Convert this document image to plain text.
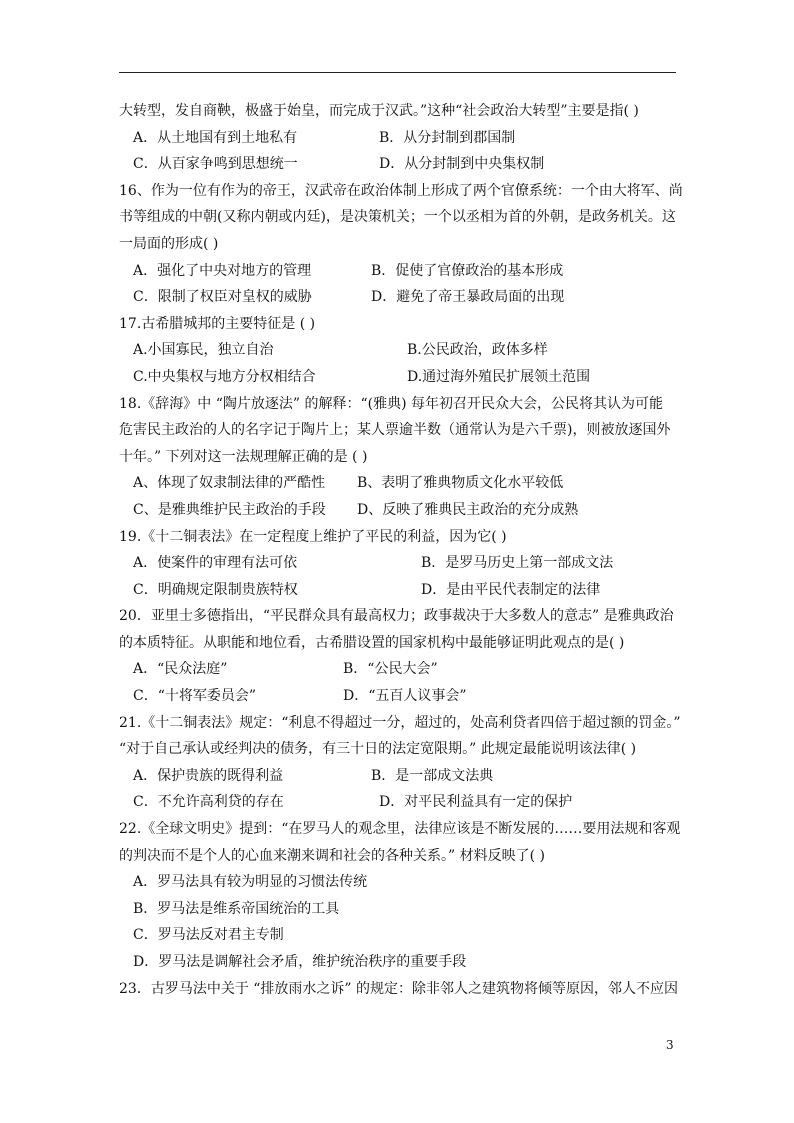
大转型，发自商鞅，极盛于始皇，而完成于汉武。”这种“社会政治大转型”主要是指( )
A．从土地国有到土地私有	B．从分封制到郡国制
C．从百家争鸣到思想统一	D．从分封制到中央集权制
16、作为一位有作为的帝王，汉武帝在政治体制上形成了两个官僚系统：一个由大将军、尚
书等组成的中朝(又称内朝或内廷)，是决策机关；一个以丞相为首的外朝，是政务机关。这
一局面的形成( )
A．强化了中央对地方的管理	B．促使了官僚政治的基本形成
C．限制了权臣对皇权的威胁	D．避免了帝王暴政局面的出现
17.古希腊城邦的主要特征是 ( )
A.小国寡民，独立自治	B.公民政治，政体多样
C.中央集权与地方分权相结合	D.通过海外殖民扩展领土范围
18.《辞海》中 “陶片放逐法” 的解释：“(雅典) 每年初召开民众大会，公民将其认为可能
危害民主政治的人的名字记于陶片上；某人票逾半数（通常认为是六千票)，则被放逐国外
十年。” 下列对这一法规理解正确的是 ( )
A、体现了奴隶制法律的严酷性 B、表明了雅典物质文化水平较低
C、是雅典维护民主政治的手段 D、反映了雅典民主政治的充分成熟
19.《十二铜表法》在一定程度上维护了平民的利益，因为它( )
A．使案件的审理有法可依	B．是罗马历史上第一部成文法
C．明确规定限制贵族特权	D．是由平民代表制定的法律
20．亚里士多德指出，“平民群众具有最高权力；政事裁决于大多数人的意志” 是雅典政治
的本质特征。从职能和地位看，古希腊设置的国家机构中最能够证明此观点的是( )
A．“民众法庭”	B．“公民大会”
C．“十将军委员会”	D．“五百人议事会”
21.《十二铜表法》规定：“利息不得超过一分，超过的，处高利贷者四倍于超过额的罚金。”
“对于自己承认或经判决的债务，有三十日的法定宽限期。” 此规定最能说明该法律( )
A．保护贵族的既得利益	B．是一部成文法典
C．不允许高利贷的存在	D．对平民利益具有一定的保护
22.《全球文明史》提到：“在罗马人的观念里，法律应该是不断发展的……要用法规和客观
的判决而不是个人的心血来潮来调和社会的各种关系。” 材料反映了( )
A．罗马法具有较为明显的习惯法传统
B．罗马法是维系帝国统治的工具
C．罗马法反对君主专制
D．罗马法是调解社会矛盾，维护统治秩序的重要手段
23．古罗马法中关于 “排放雨水之诉” 的规定：除非邻人之建筑物将倾等原因，邻人不应因
3
